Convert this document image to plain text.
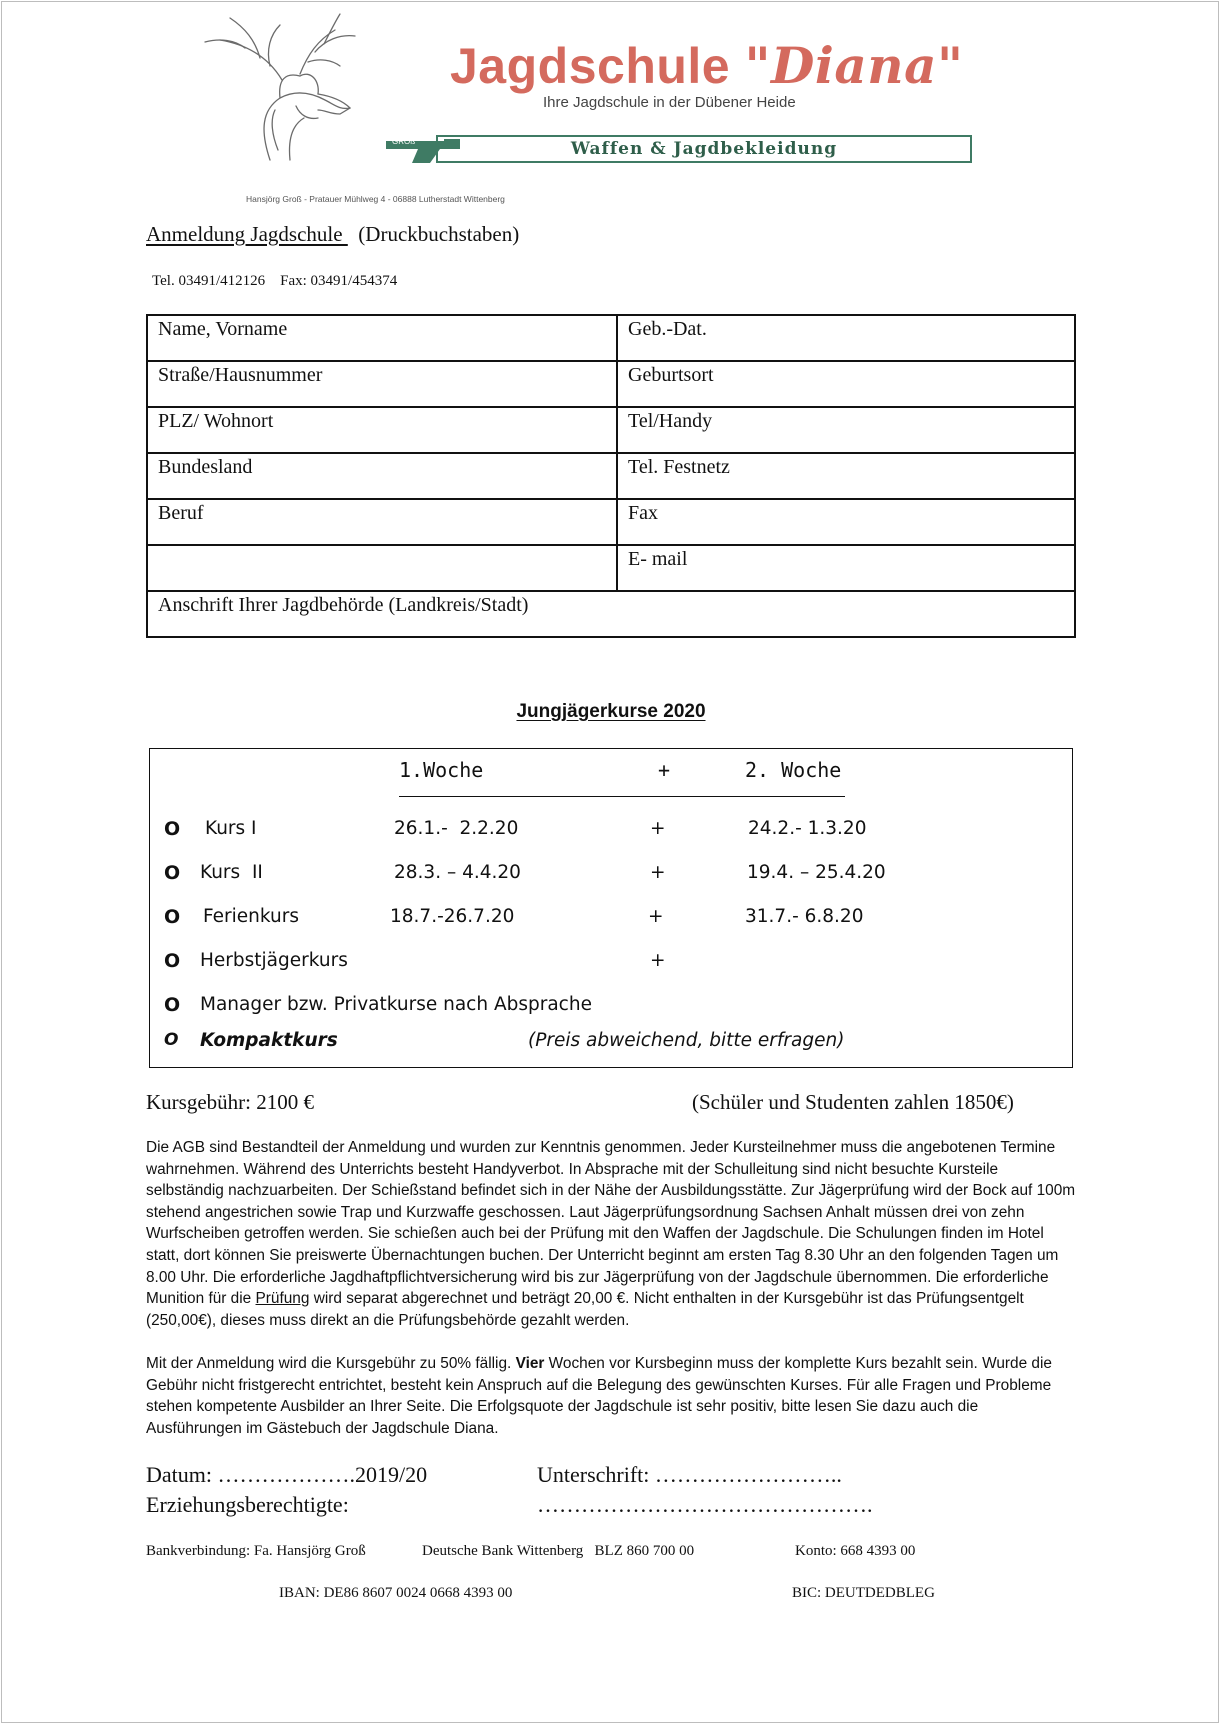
Jagdschule "Diana"
Ihre Jagdschule in der Dübener Heide
GROß	Waffen & Jagdbekleidung
Hansjörg Groß - Pratauer Mühlweg 4 - 06888 Lutherstadt Wittenberg
Anmeldung Jagdschule   (Druckbuchstaben)
Tel. 03491/412126    Fax: 03491/454374
Name, Vorname	Geb.-Dat.
Straße/Hausnummer	Geburtsort
PLZ/ Wohnort	Tel/Handy
Bundesland	Tel. Festnetz
Beruf	Fax
	E- mail
Anschrift Ihrer Jagdbehörde (Landkreis/Stadt)	
Jungjägerkurse 2020
1.Woche	+	2. Woche
O Kurs I	26.1.-  2.2.20	+	24.2.- 1.3.20
O Kurs  II	28.3. – 4.4.20	+	19.4. – 25.4.20
O Ferienkurs	18.7.-26.7.20	+	31.7.- 6.8.20
O Herbstjägerkurs	+
O Manager bzw. Privatkurse nach Absprache
O Kompaktkurs	(Preis abweichend, bitte erfragen)
Kursgebühr: 2100 €	(Schüler und Studenten zahlen 1850€)
Die AGB sind Bestandteil der Anmeldung und wurden zur Kenntnis genommen. Jeder Kursteilnehmer muss die angebotenen Termine wahrnehmen. Während des Unterrichts besteht Handyverbot. In Absprache mit der Schulleitung sind nicht besuchte Kursteile selbständig nachzuarbeiten. Der Schießstand befindet sich in der Nähe der Ausbildungsstätte. Zur Jägerprüfung wird der Bock auf 100m stehend angestrichen sowie Trap und Kurzwaffe geschossen. Laut Jägerprüfungsordnung Sachsen Anhalt müssen drei von zehn Wurfscheiben getroffen werden. Sie schießen auch bei der Prüfung mit den Waffen der Jagdschule. Die Schulungen finden im Hotel statt, dort können Sie preiswerte Übernachtungen buchen. Der Unterricht beginnt am ersten Tag 8.30 Uhr an den folgenden Tagen um 8.00 Uhr. Die erforderliche Jagdhaftpflichtversicherung wird bis zur Jägerprüfung von der Jagdschule übernommen. Die erforderliche Munition für die Prüfung wird separat abgerechnet und beträgt 20,00 €. Nicht enthalten in der Kursgebühr ist das Prüfungsentgelt (250,00€), dieses muss direkt an die Prüfungsbehörde gezahlt werden.
Mit der Anmeldung wird die Kursgebühr zu 50% fällig. Vier Wochen vor Kursbeginn muss der komplette Kurs bezahlt sein. Wurde die Gebühr nicht fristgerecht entrichtet, besteht kein Anspruch auf die Belegung des gewünschten Kurses. Für alle Fragen und Probleme stehen kompetente Ausbilder an Ihrer Seite. Die Erfolgsquote der Jagdschule ist sehr positiv, bitte lesen Sie dazu auch die Ausführungen im Gästebuch der Jagdschule Diana.
Datum: ……………….2019/20	Unterschrift: ……………………..
Erziehungsberechtigte:	……………………………………….
Bankverbindung: Fa. Hansjörg Groß	Deutsche Bank Wittenberg   BLZ 860 700 00	Konto: 668 4393 00
IBAN: DE86 8607 0024 0668 4393 00	BIC: DEUTDEDBLEG
